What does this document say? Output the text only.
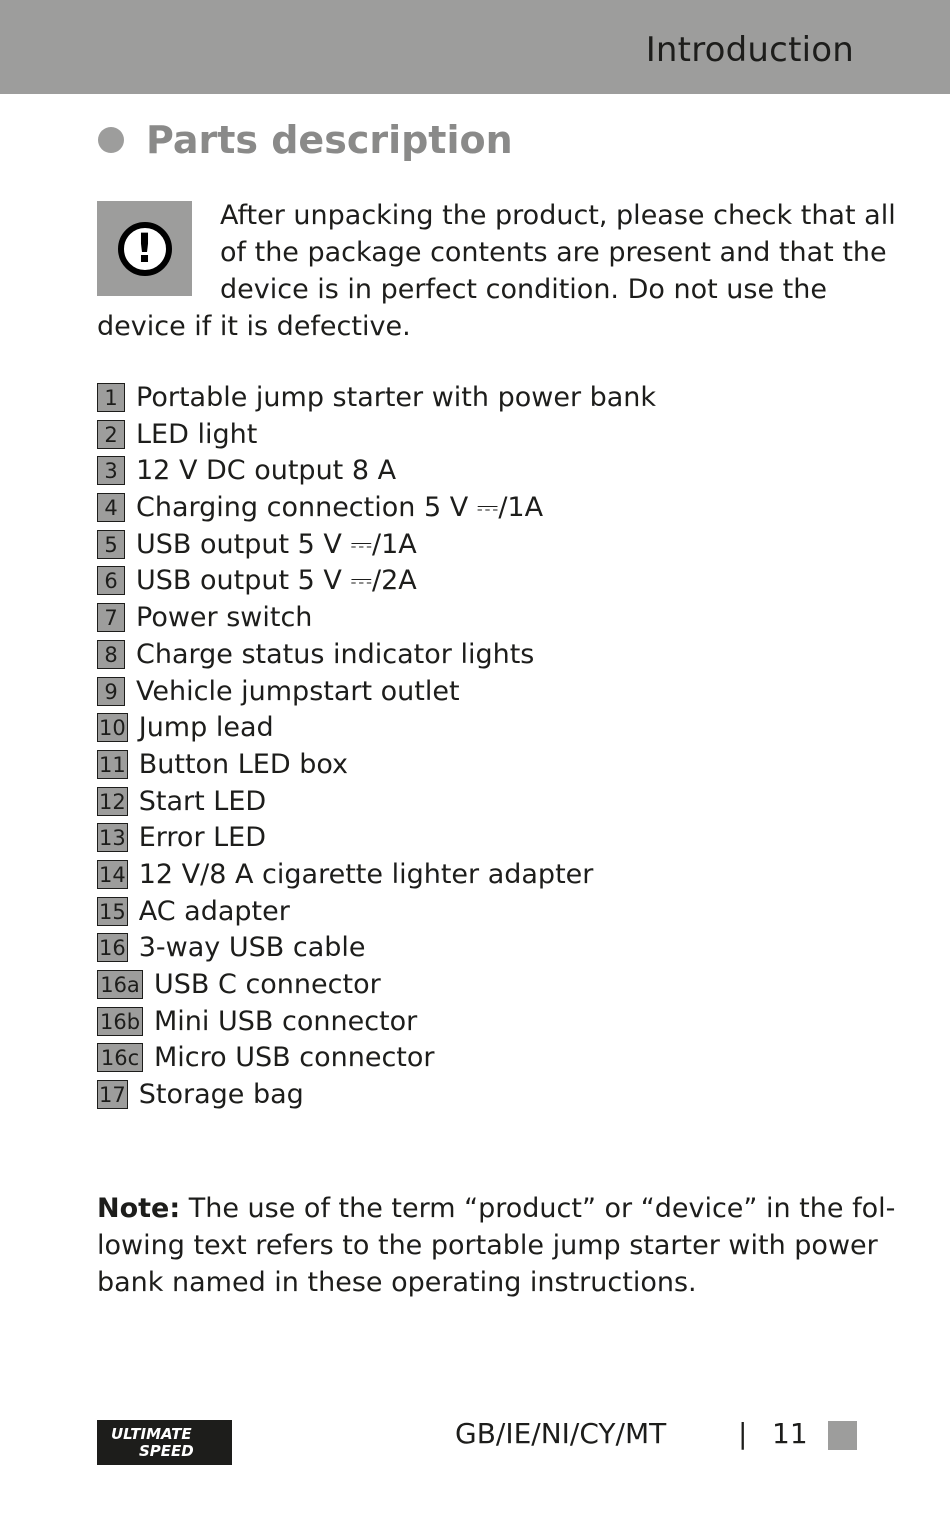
Introduction
Parts description
!
After unpacking the product, please check that all
of the package contents are present and that the
device is in perfect condition. Do not use the
device if it is defective.
1 Portable jump starter with power bank
2 LED light
3 12 V DC output 8 A
4 Charging connection 5 V ⎓/1A
5 USB output 5 V ⎓/1A
6 USB output 5 V ⎓/2A
7 Power switch
8 Charge status indicator lights
9 Vehicle jumpstart outlet
10 Jump lead
11 Button LED box
12 Start LED
13 Error LED
14 12 V/8 A cigarette lighter adapter
15 AC adapter
16 3-way USB cable
16a USB C connector
16b Mini USB connector
16c Micro USB connector
17 Storage bag
Note: The use of the term “product” or “device” in the fol-
lowing text refers to the portable jump starter with power
bank named in these operating instructions.
ULTIMATE
SPEED
GB/IE/NI/CY/MT	| 11
